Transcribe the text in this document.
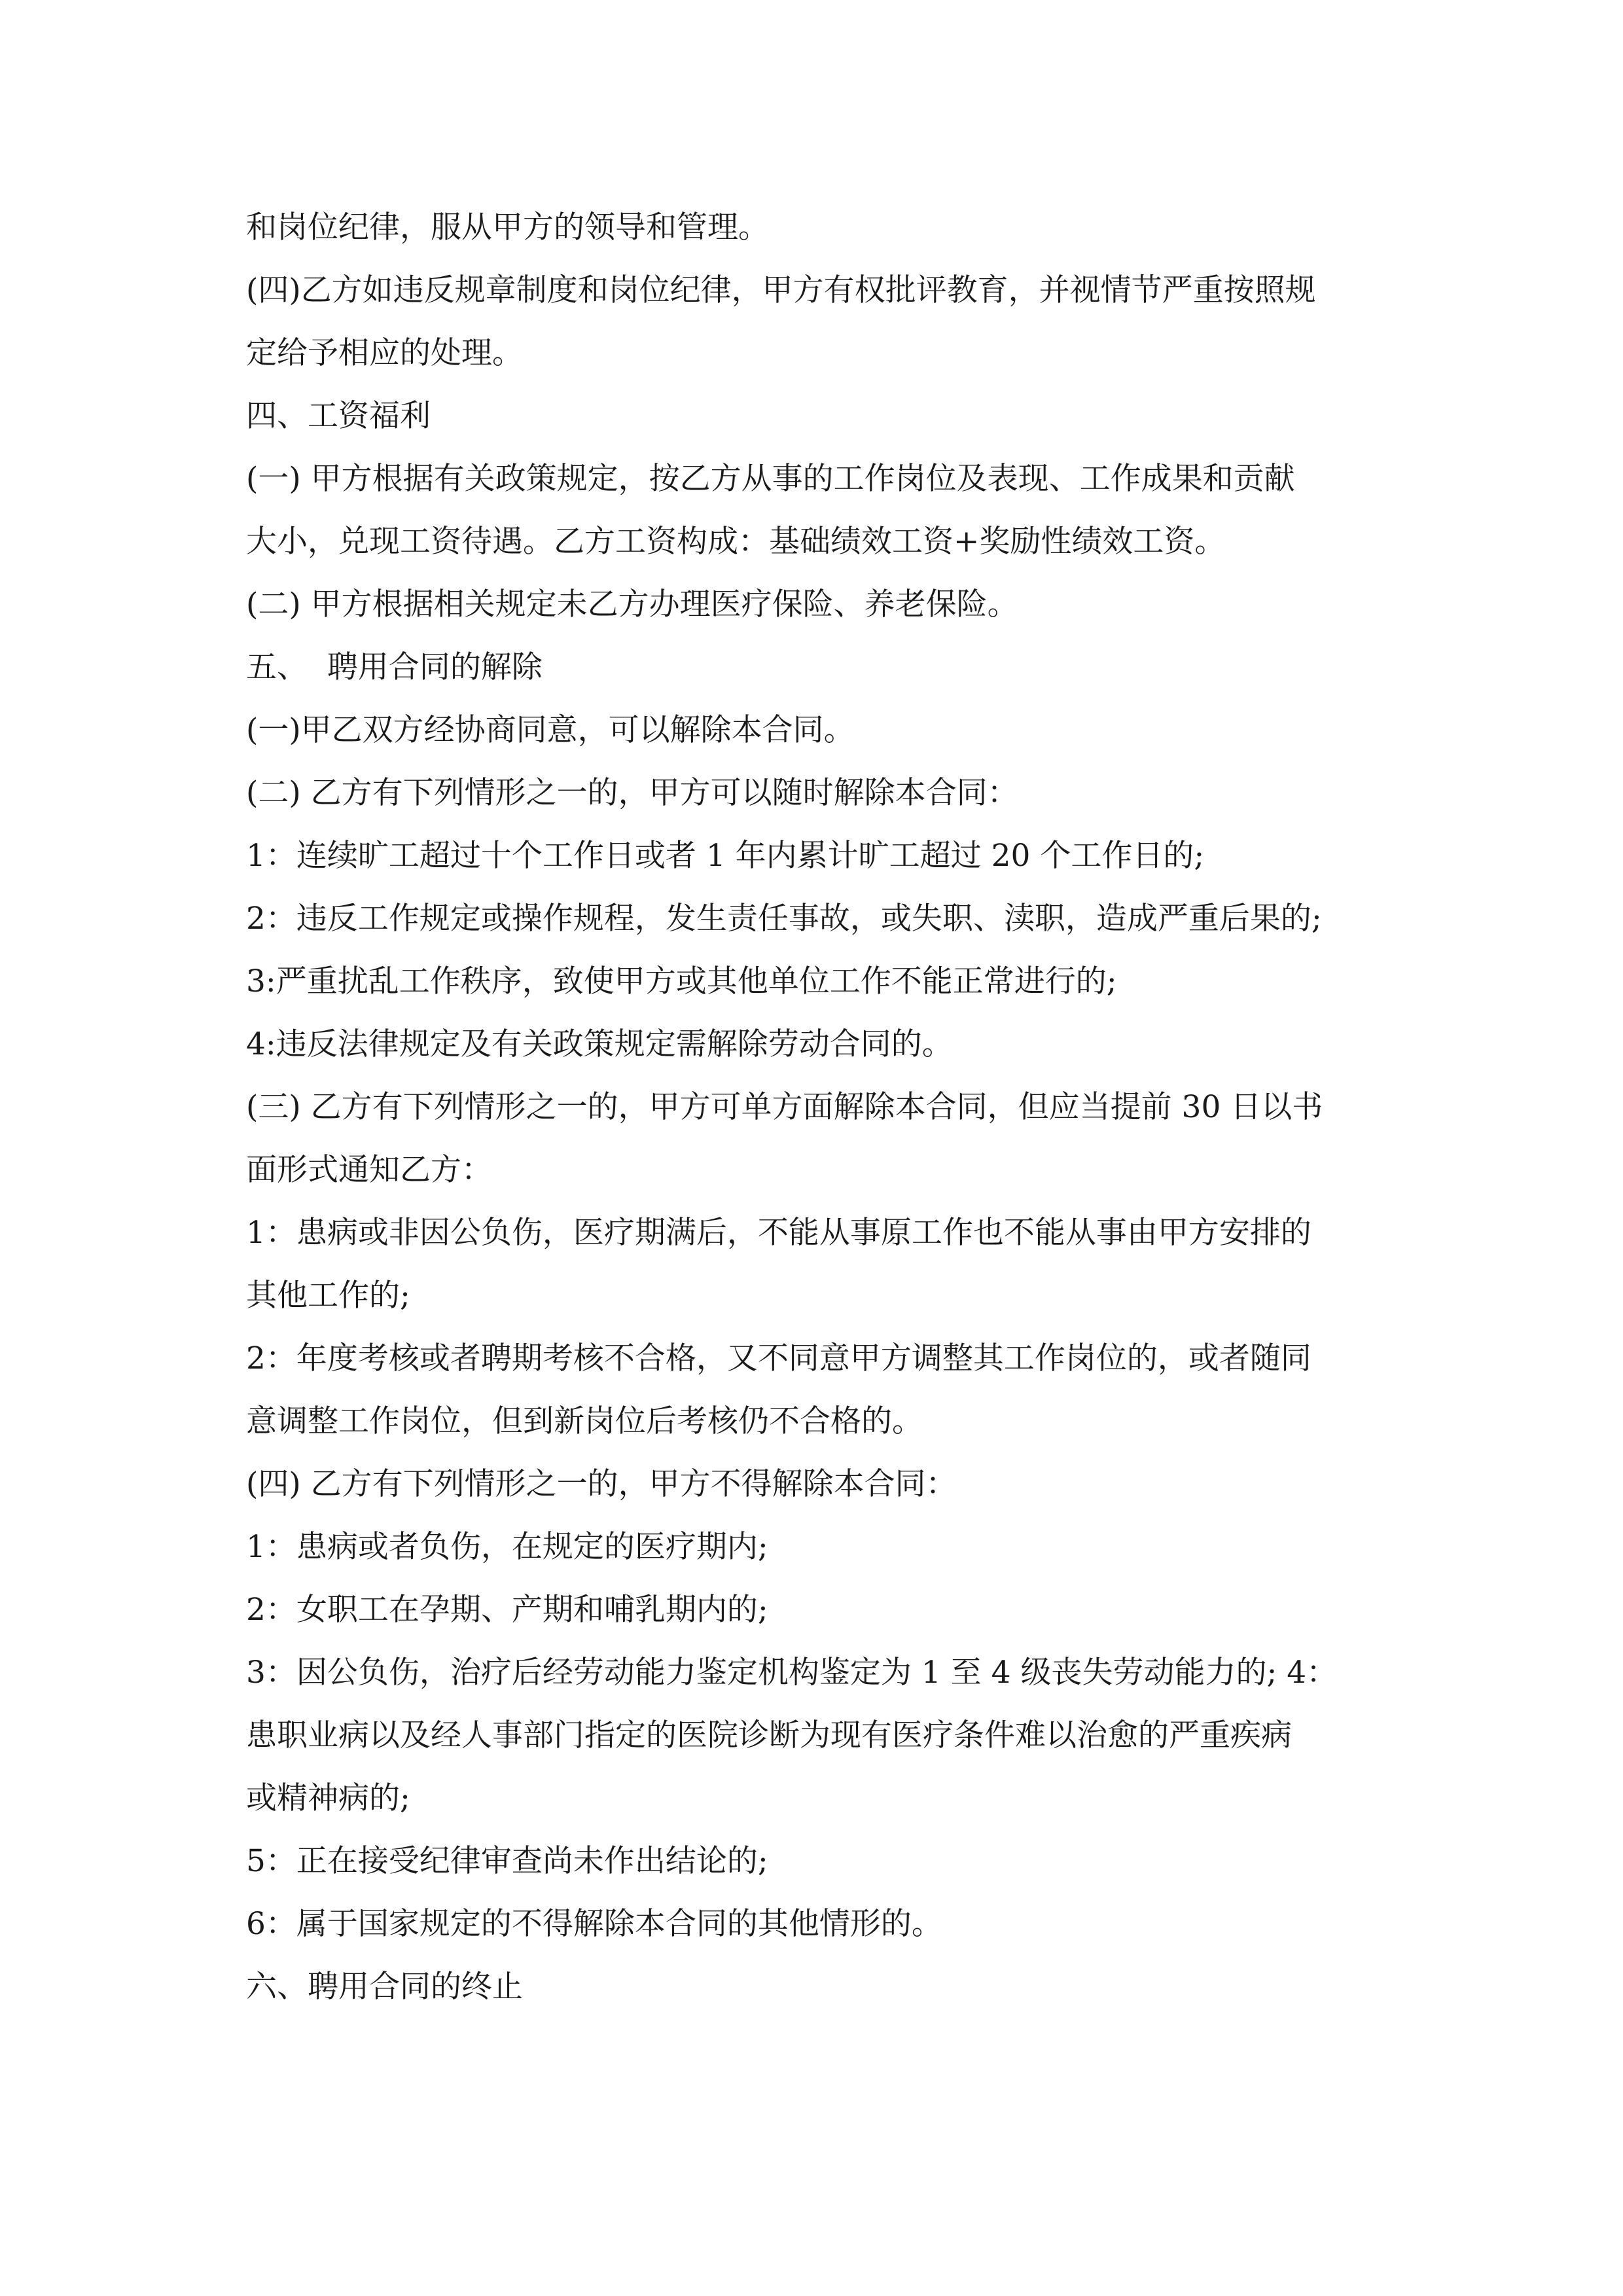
和岗位纪律，服从甲方的领导和管理。

(四)乙方如违反规章制度和岗位纪律，甲方有权批评教育，并视情节严重按照规

定给予相应的处理。

四、工资福利

(一) 甲方根据有关政策规定，按乙方从事的工作岗位及表现、工作成果和贡献

大小，兑现工资待遇。乙方工资构成：基础绩效工资+奖励性绩效工资。

(二) 甲方根据相关规定未乙方办理医疗保险、养老保险。

五、  聘用合同的解除

(一)甲乙双方经协商同意，可以解除本合同。

(二) 乙方有下列情形之一的，甲方可以随时解除本合同：

1：连续旷工超过十个工作日或者 1 年内累计旷工超过 20 个工作日的;

2：违反工作规定或操作规程，发生责任事故，或失职、渎职，造成严重后果的;

3:严重扰乱工作秩序，致使甲方或其他单位工作不能正常进行的;

4:违反法律规定及有关政策规定需解除劳动合同的。

(三) 乙方有下列情形之一的，甲方可单方面解除本合同，但应当提前 30 日以书

面形式通知乙方：

1：患病或非因公负伤，医疗期满后，不能从事原工作也不能从事由甲方安排的

其他工作的;

2：年度考核或者聘期考核不合格，又不同意甲方调整其工作岗位的，或者随同

意调整工作岗位，但到新岗位后考核仍不合格的。

(四) 乙方有下列情形之一的，甲方不得解除本合同：

1：患病或者负伤，在规定的医疗期内;

2：女职工在孕期、产期和哺乳期内的;

3：因公负伤，治疗后经劳动能力鉴定机构鉴定为 1 至 4 级丧失劳动能力的; 4：

患职业病以及经人事部门指定的医院诊断为现有医疗条件难以治愈的严重疾病

或精神病的;

5：正在接受纪律审查尚未作出结论的;

6：属于国家规定的不得解除本合同的其他情形的。

六、聘用合同的终止
